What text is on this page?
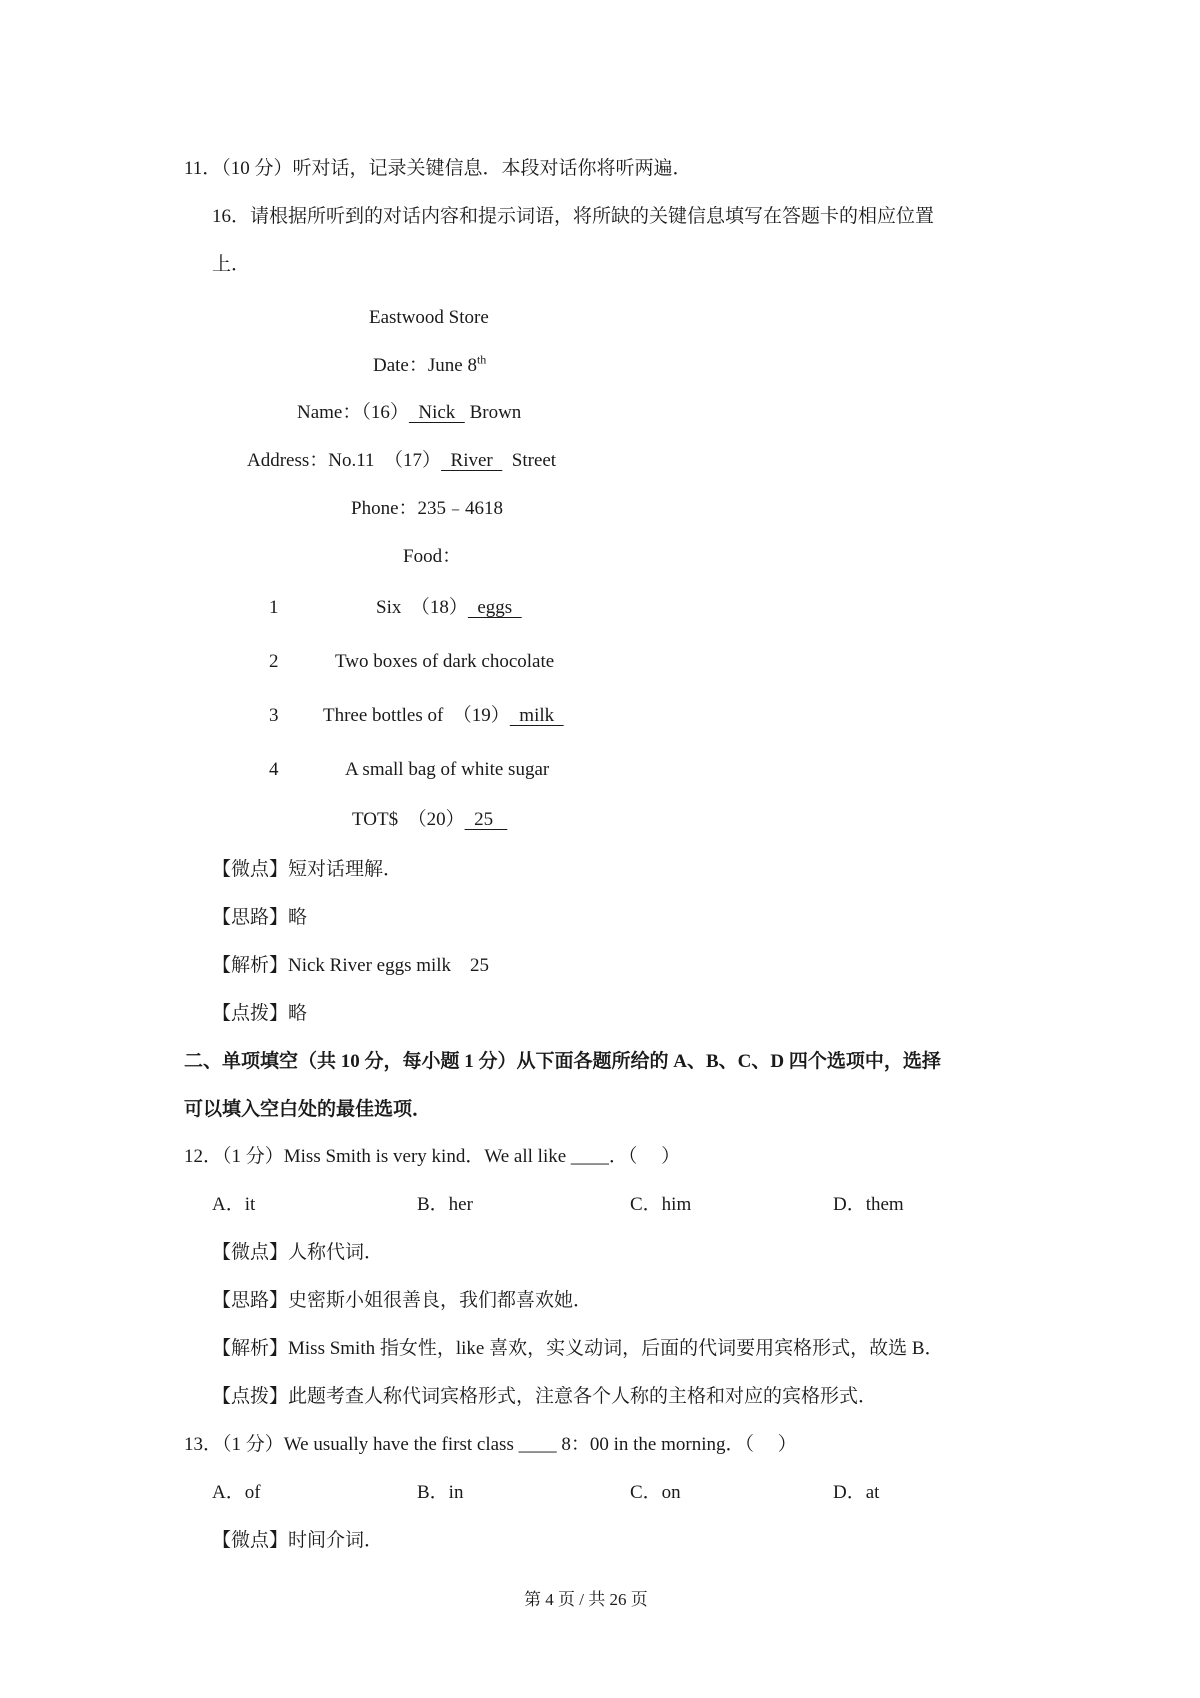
11．（10 分）听对话，记录关键信息．本段对话你将听两遍．
16．请根据所听到的对话内容和提示词语，将所缺的关键信息填写在答题卡的相应位置
上．
Eastwood Store
Date：June 8th
Name：（16）  Nick   Brown
Address：No.11  （17）  River    Street
Phone：235﹣4618
Food：
1	Six  （18）  eggs
2	Two boxes of dark chocolate
3 Three bottles of  （19）  milk
4	A small bag of white sugar
TOT$  （20）  25
【微点】短对话理解．
【思路】略
【解析】Nick River eggs milk    25
【点拨】略
二、单项填空（共 10 分，每小题 1 分）从下面各题所给的 A、B、C、D 四个选项中，选择
可以填入空白处的最佳选项．
12．（1 分）Miss Smith is very kind．We all like ____．（     ）
A．it	B．her	C．him	D．them
【微点】人称代词．
【思路】史密斯小姐很善良，我们都喜欢她．
【解析】Miss Smith 指女性，like 喜欢，实义动词，后面的代词要用宾格形式，故选 B．
【点拨】此题考查人称代词宾格形式，注意各个人称的主格和对应的宾格形式．
13．（1 分）We usually have the first class ____ 8：00 in the morning．（     ）
A．of	B．in	C．on	D．at
【微点】时间介词．
第 4 页 / 共 26 页
